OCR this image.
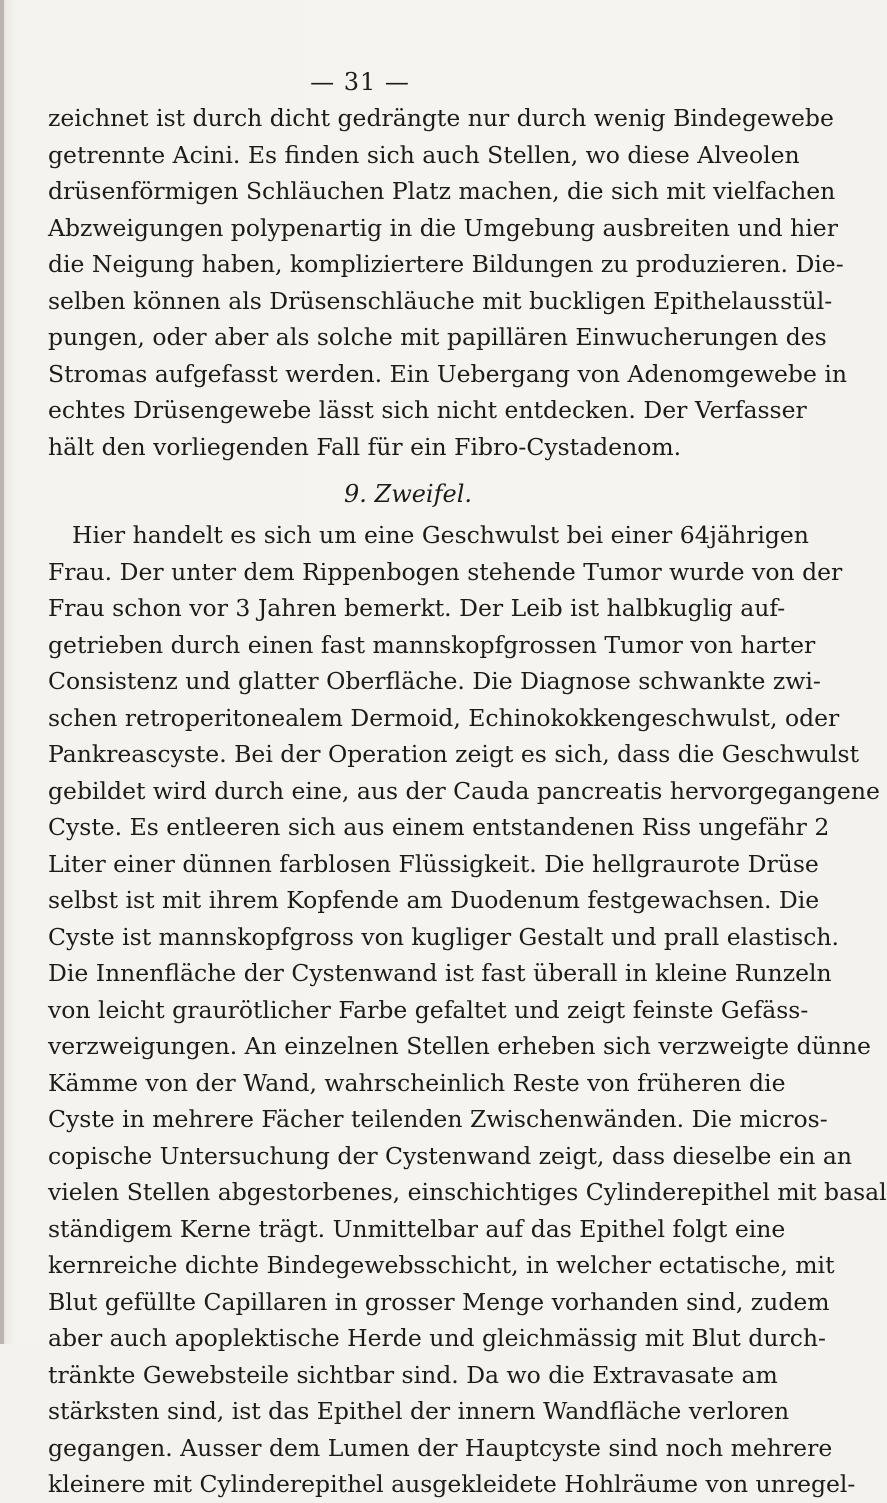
— 31 —
zeichnet ist durch dicht gedrängte nur durch wenig Bindegewebe
getrennte Acini. Es finden sich auch Stellen, wo diese Alveolen
drüsenförmigen Schläuchen Platz machen, die sich mit vielfachen
Abzweigungen polypenartig in die Umgebung ausbreiten und hier
die Neigung haben, kompliziertere Bildungen zu produzieren. Die-
selben können als Drüsenschläuche mit buckligen Epithelausstül-
pungen, oder aber als solche mit papillären Einwucherungen des
Stromas aufgefasst werden. Ein Uebergang von Adenomgewebe in
echtes Drüsengewebe lässt sich nicht entdecken. Der Verfasser
hält den vorliegenden Fall für ein Fibro-Cystadenom.
9. Zweifel.
Hier handelt es sich um eine Geschwulst bei einer 64jährigen
Frau. Der unter dem Rippenbogen stehende Tumor wurde von der
Frau schon vor 3 Jahren bemerkt. Der Leib ist halbkuglig auf-
getrieben durch einen fast mannskopfgrossen Tumor von harter
Consistenz und glatter Oberfläche. Die Diagnose schwankte zwi-
schen retroperitonealem Dermoid, Echinokokkengeschwulst, oder
Pankreascyste. Bei der Operation zeigt es sich, dass die Geschwulst
gebildet wird durch eine, aus der Cauda pancreatis hervorgegangene
Cyste. Es entleeren sich aus einem entstandenen Riss ungefähr 2
Liter einer dünnen farblosen Flüssigkeit. Die hellgraurote Drüse
selbst ist mit ihrem Kopfende am Duodenum festgewachsen. Die
Cyste ist mannskopfgross von kugliger Gestalt und prall elastisch.
Die Innenfläche der Cystenwand ist fast überall in kleine Runzeln
von leicht graurötlicher Farbe gefaltet und zeigt feinste Gefäss-
verzweigungen. An einzelnen Stellen erheben sich verzweigte dünne
Kämme von der Wand, wahrscheinlich Reste von früheren die
Cyste in mehrere Fächer teilenden Zwischenwänden. Die micros-
copische Untersuchung der Cystenwand zeigt, dass dieselbe ein an
vielen Stellen abgestorbenes, einschichtiges Cylinderepithel mit basal
ständigem Kerne trägt. Unmittelbar auf das Epithel folgt eine
kernreiche dichte Bindegewebsschicht, in welcher ectatische, mit
Blut gefüllte Capillaren in grosser Menge vorhanden sind, zudem
aber auch apoplektische Herde und gleichmässig mit Blut durch-
tränkte Gewebsteile sichtbar sind. Da wo die Extravasate am
stärksten sind, ist das Epithel der innern Wandfläche verloren
gegangen. Ausser dem Lumen der Hauptcyste sind noch mehrere
kleinere mit Cylinderepithel ausgekleidete Hohlräume von unregel-
